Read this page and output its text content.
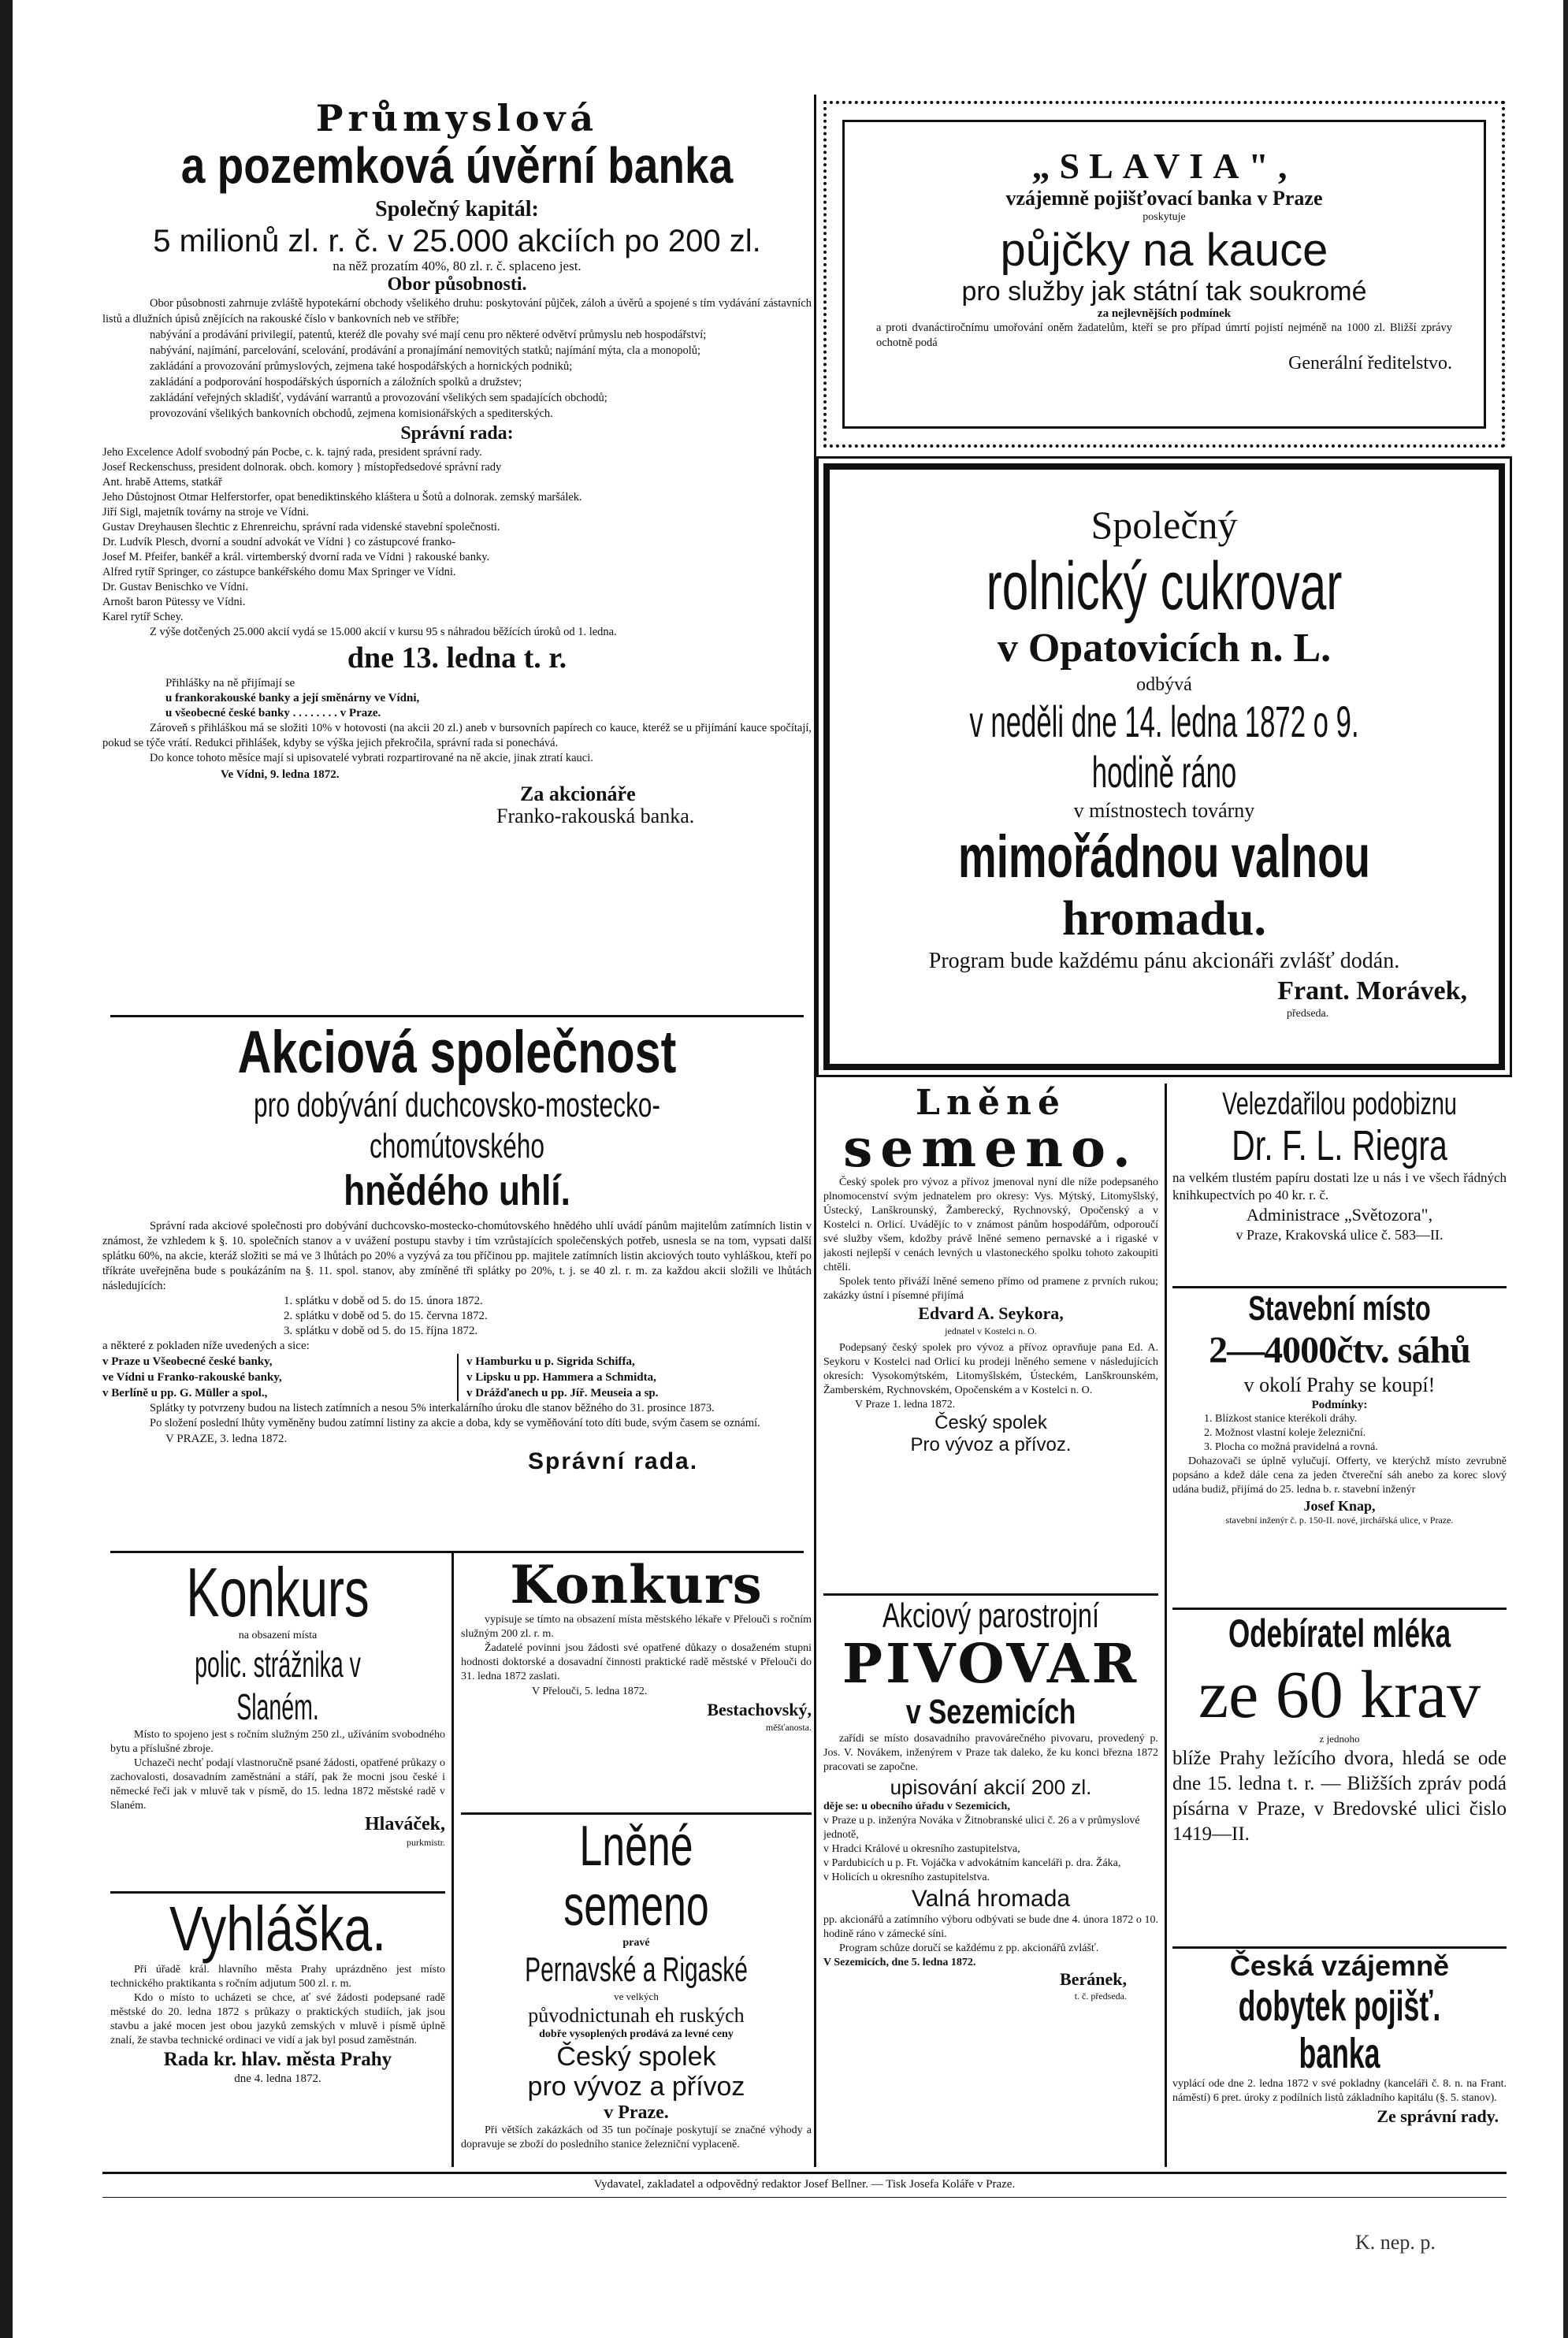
Průmyslová
a pozemková úvěrní banka
Společný kapitál:
5 milionů zl. r. č. v 25.000 akciích po 200 zl.
na něž prozatím 40%, 80 zl. r. č. splaceno jest.
Obor působnosti.

Obor působnosti zahrnuje zvláště hypotekární obchody všelikého druhu: poskytování půjček, záloh a úvěrů a spojené s tím vydávání zástavních listů a dlužních úpisů znějících na rakouské číslo v bankovních neb ve stříbře;

nabývání a prodávání privilegií, patentů, kteréž dle povahy své mají cenu pro některé odvětví průmyslu neb hospodářství;

nabývání, najímání, parcelování, scelování, prodávání a pronajímání nemovitých statků; najímání mýta, cla a monopolů;

zakládání a provozování průmyslových, zejmena také hospodářských a hornických podniků;

zakládání a podporování hospodářských úsporních a záložních spolků a družstev;

zakládání veřejných skladišť, vydávání warrantů a provozování všelikých sem spadajících obchodů;

provozování všelikých bankovních obchodů, zejmena komisionářských a spediterských.

Správní rada:

Jeho Excelence Adolf svobodný pán Pocbe, c. k. tajný rada, president správní rady.

Josef Reckenschuss, president dolnorak. obch. komory } místopředsedové správní rady

Ant. hrabě Attems, statkář

Jeho Důstojnost Otmar Helferstorfer, opat benediktinského kláštera u Šotů a dolnorak. zemský maršálek.

Jiří Sigl, majetník továrny na stroje ve Vídni.

Gustav Dreyhausen šlechtic z Ehrenreichu, správní rada videnské stavební společnosti.

Dr. Ludvík Plesch, dvorní a soudní advokát ve Vídni } co zástupcové franko-

Josef M. Pfeifer, bankéř a král. virtemberský dvorní rada ve Vídni } rakouské banky.

Alfred rytíř Springer, co zástupce bankéřského domu Max Springer ve Vídni.

Dr. Gustav Benischko ve Vídni.

Arnošt baron Pütessy ve Vídni.

Karel rytíř Schey.

Z výše dotčených 25.000 akcií vydá se 15.000 akcií v kursu 95 s náhradou běžících úroků od 1. ledna.

dne 13. ledna t. r.

Přihlášky na ně přijímají se

u frankorakouské banky a její směnárny ve Vídni,

u všeobecné české banky . . . . . . . . v Praze.

Zároveň s přihláškou má se složiti 10% v hotovosti (na akcii 20 zl.) aneb v bursovních papírech co kauce, kteréž se u přijímání kauce spočítají, pokud se týče vrátí. Redukci přihlášek, kdyby se výška jejich překročila, správní rada si ponechává.

Do konce tohoto měsíce mají si upisovatelé vybrati rozpartirované na ně akcie, jinak ztratí kauci.

Ve Vídni, 9. ledna 1872.

Za akcionáře
Franko-rakouská banka.
Akciová společnost
pro dobývání duchcovsko-mostecko-chomútovského
hnědého uhlí.

Správní rada akciové společnosti pro dobývání duchcovsko-mostecko-chomútovského hnědého uhlí uvádí pánům majitelům zatímních listin v známost, že vzhledem k §. 10. společních stanov a v uvážení postupu stavby i tím vzrůstajících společenských potřeb, usnesla se na tom, vypsati další splátku 60%, na akcie, kteráž složiti se má ve 3 lhůtách po 20% a vyzývá za tou příčinou pp. majitele zatímních listin akciových touto vyhláškou, kteří po tříkráte uveřejněna bude s poukázáním na §. 11. spol. stanov, aby zmíněné tři splátky po 20%, t. j. se 40 zl. r. m. za každou akcii složili ve lhůtách následujících:

1. splátku v době od 5. do 15. února 1872.

2. splátku v době od 5. do 15. června 1872.

3. splátku v době od 5. do 15. října 1872.

a některé z pokladen níže uvedených a sice:

v Praze u Všeobecné české banky,

ve Vídni u Franko-rakouské banky,

v Berlíně u pp. G. Müller a spol.,

v Hamburku u p. Sigrida Schiffa,

v Lipsku u pp. Hammera a Schmidta,

v Drážďanech u pp. Jíř. Meuseia a sp.

Splátky ty potvrzeny budou na listech zatímních a nesou 5% interkalárního úroku dle stanov běžného do 31. prosince 1873.

Po složení poslední lhůty vyměněny budou zatímní listiny za akcie a doba, kdy se vyměňování toto díti bude, svým časem se oznámí.

V PRAZE, 3. ledna 1872.

Správní rada.
Konkurs
na obsazení místa
polic. strážnika v Slaném.

Místo to spojeno jest s ročním služným 250 zl., užíváním svobodného bytu a příslušné zbroje.

Uchazeči nechť podají vlastnoručně psané žádosti, opatřené průkazy o zachovalosti, dosavadním zaměstnání a stáří, pak že mocni jsou české i německé řeči jak v mluvě tak v písmě, do 15. ledna 1872 městské radě v Slaném.

Hlaváček,
purkmistr.
Vyhláška.

Při úřadě král. hlavního města Prahy uprázdněno jest místo technického praktikanta s ročním adjutum 500 zl. r. m.

Kdo o místo to ucházeti se chce, ať své žádosti podepsané radě městské do 20. ledna 1872 s průkazy o praktických studiích, jak jsou stavbu a jaké mocen jest obou jazyků zemských v mluvě i písmě úplně znalí, že stavba technické ordinaci ve vidí a jak byl posud zaměstnán.

Rada kr. hlav. města Prahy
dne 4. ledna 1872.
Konkurs

vypisuje se tímto na obsazení místa městského lékaře v Přelouči s ročním služným 200 zl. r. m.

Žadatelé povinni jsou žádosti své opatřené důkazy o dosaženém stupni hodnosti doktorské a dosavadní činnosti praktické radě městské v Přelouči do 31. ledna 1872 zaslati.

V Přelouči, 5. ledna 1872.

Bestachovský,
měšťanosta.
Lněné semeno
pravé
Pernavské a Rigaské
ve velkých
původnictunah eh ruských
dobře vysoplených prodává za levné ceny
Český spolek
pro vývoz a přívoz
v Praze.

Při větších zakázkách od 35 tun počínaje poskytují se značné výhody a dopravuje se zboží do posledního stanice železniční vyplaceně.

„SLAVIA",
vzájemně pojišťovací banka v Praze
poskytuje
půjčky na kauce
pro služby jak státní tak soukromé
za nejlevnějších podmínek

a proti dvanáctiročnímu umořování oněm žadatelům, kteří se pro případ úmrtí pojistí nejméně na 1000 zl. Bližší zprávy ochotně podá

Generální ředitelstvo.
Společný
rolnický cukrovar
v Opatovicích n. L.
odbývá
v neděli dne 14. ledna 1872 o 9. hodině ráno
v místnostech továrny
mimořádnou valnou
hromadu.
Program bude každému pánu akcionáři zvlášť dodán.
Frant. Morávek,
předseda.
Lněné
semeno.

Český spolek pro vývoz a přívoz jmenoval nyní dle níže podepsaného plnomocenství svým jednatelem pro okresy: Vys. Mýtský, Litomyšlský, Ústecký, Lanškrounský, Žamberecký, Rychnovský, Opočenský a v Kostelci n. Orlicí. Uvádějíc to v známost pánům hospodářům, odporoučí své služby všem, kdožby právě lněné semeno pernavské a i rigaské v jakosti nejlepší v cenách levných u vlastoneckého spolku tohoto zakoupiti chtěli.

Spolek tento přiváží lněné semeno přímo od pramene z prvních rukou; zakázky ústní i písemné přijímá

Edvard A. Seykora,
jednatel v Kostelci n. O.

Podepsaný český spolek pro vývoz a přívoz opravňuje pana Ed. A. Seykoru v Kostelci nad Orlicí ku prodeji lněného semene v následujících okresích: Vysokomýtském, Litomyšlském, Ústeckém, Lanškrounském, Žamberském, Rychnovském, Opočenském a v Kostelci n. O.

V Praze 1. ledna 1872.

Český spolek
Pro vývoz a přívoz.
Akciový parostrojní
PIVOVAR
v Sezemicích

zařídi se místo dosavadního pravovárečného pivovaru, provedený p. Jos. V. Novákem, inženýrem v Praze tak daleko, že ku konci března 1872 pracovati se započne.

upisování akcií 200 zl.

děje se: u obecního úřadu v Sezemicích,

v Praze u p. inženýra Nováka v Žitnobranské ulici č. 26 a v průmyslové jednotě,

v Hradci Králové u okresního zastupitelstva,

v Pardubicích u p. Ft. Vojáčka v advokátním kanceláři p. dra. Žáka,

v Holicích u okresního zastupitelstva.

Valná hromada

pp. akcionářů a zatímního výboru odbývati se bude dne 4. února 1872 o 10. hodině ráno v zámecké síni.

Program schůze doručí se každému z pp. akcionářů zvlášť.

V Sezemicích, dne 5. ledna 1872.

Beránek,
t. č. předseda.
Velezdařilou podobiznu
Dr. F. L. Riegra

na velkém tlustém papíru dostati lze u nás i ve všech řádných knihkupectvích po 40 kr. r. č.

Administrace „Světozora",
v Praze, Krakovská ulice č. 583—II.
Stavební místo
2—4000čtv. sáhů
v okolí Prahy se koupí!
Podmínky:

1. Blízkost stanice kterékoli dráhy.

2. Možnost vlastní koleje železniční.

3. Plocha co možná pravidelná a rovná.

Dohazovači se úplně vylučují. Offerty, ve kterýchž místo zevrubně popsáno a kdež dále cena za jeden čtvereční sáh anebo za korec slový udána budiž, přijímá do 25. ledna b. r. stavební inženýr

Josef Knap,
stavební inženýr č. p. 150-II. nové, jirchářská ulice, v Praze.
Odebíratel mléka
ze 60 krav
z jednoho

blíže Prahy ležícího dvora, hledá se ode dne 15. ledna t. r. — Bližších zpráv podá písárna v Praze, v Bredovské ulici čislo 1419—II.

Česká vzájemně
dobytek pojišť. banka

vyplácí ode dne 2. ledna 1872 v své pokladny (kanceláři č. 8. n. na Frant. náměstí) 6 pret. úroky z podílních listů základního kapitálu (§. 5. stanov).

Ze správní rady.
Vydavatel, zakladatel a odpovědný redaktor Josef Bellner. — Tisk Josefa Koláře v Praze.
K. nep. p.
